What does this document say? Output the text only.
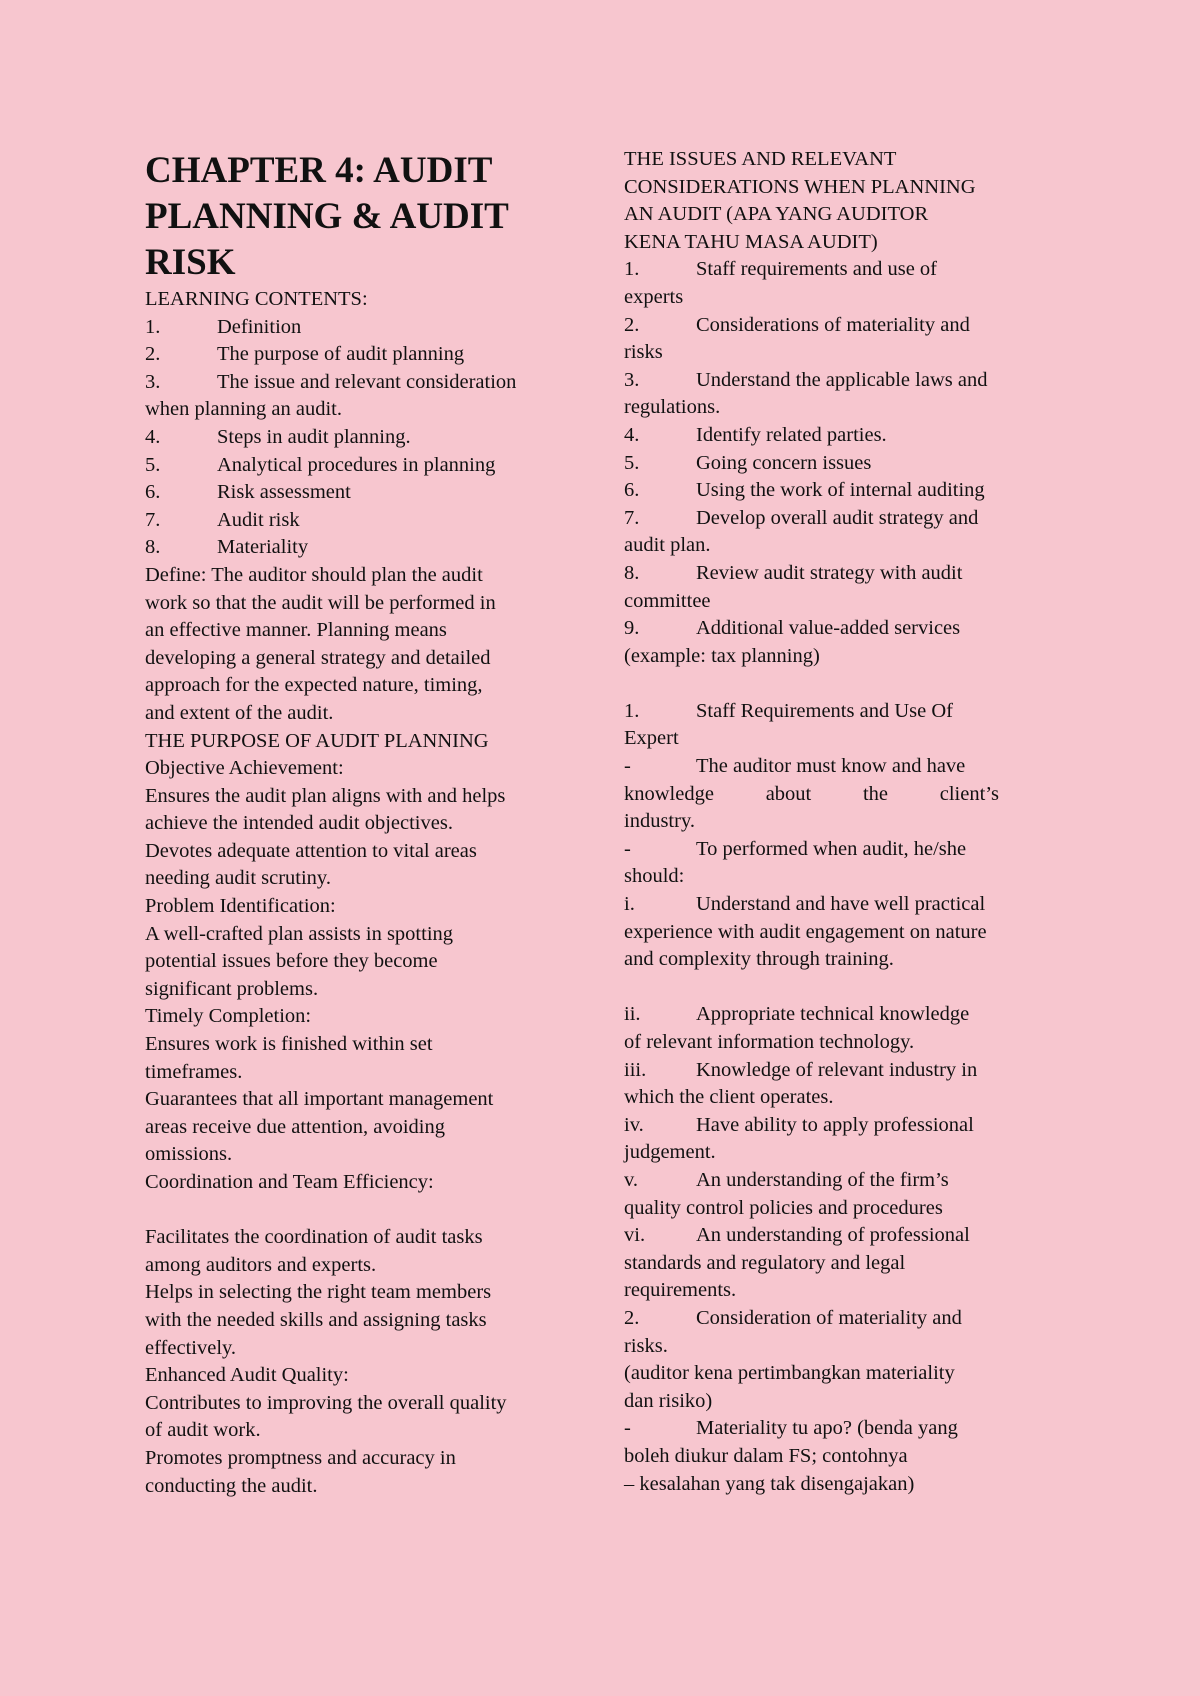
CHAPTER 4: AUDIT PLANNING & AUDIT RISK
LEARNING CONTENTS:
1.	Definition
2.	The purpose of audit planning
3.	The issue and relevant consideration
when planning an audit.
4.	Steps in audit planning.
5.	Analytical procedures in planning
6.	Risk assessment
7.	Audit risk
8.	Materiality
Define: The auditor should plan the audit
work so that the audit will be performed in
an effective manner. Planning means
developing a general strategy and detailed
approach for the expected nature, timing,
and extent of the audit.
THE PURPOSE OF AUDIT PLANNING
Objective Achievement:
Ensures the audit plan aligns with and helps
achieve the intended audit objectives.
Devotes adequate attention to vital areas
needing audit scrutiny.
Problem Identification:
A well-crafted plan assists in spotting
potential issues before they become
significant problems.
Timely Completion:
Ensures work is finished within set
timeframes.
Guarantees that all important management
areas receive due attention, avoiding
omissions.
Coordination and Team Efficiency:
Facilitates the coordination of audit tasks
among auditors and experts.
Helps in selecting the right team members
with the needed skills and assigning tasks
effectively.
Enhanced Audit Quality:
Contributes to improving the overall quality
of audit work.
Promotes promptness and accuracy in
conducting the audit.
THE ISSUES AND RELEVANT
CONSIDERATIONS WHEN PLANNING
AN AUDIT (APA YANG AUDITOR
KENA TAHU MASA AUDIT)
1.	Staff requirements and use of
experts
2.	Considerations of materiality and
risks
3.	Understand the applicable laws and
regulations.
4.	Identify related parties.
5.	Going concern issues
6.	Using the work of internal auditing
7.	Develop overall audit strategy and
audit plan.
8.	Review audit strategy with audit
committee
9.	Additional value-added services
(example: tax planning)
1.	Staff Requirements and Use Of
Expert
-	The auditor must know and have
knowledge	about	the	client’s
industry.
-	To performed when audit, he/she
should:
i.	Understand and have well practical
experience with audit engagement on nature
and complexity through training.
ii.	Appropriate technical knowledge
of relevant information technology.
iii. Knowledge of relevant industry in
which the client operates.
iv.	Have ability to apply professional
judgement.
v.	An understanding of the firm’s
quality control policies and procedures
vi. An understanding of professional
standards and regulatory and legal
requirements.
2.	Consideration of materiality and
risks.
(auditor kena pertimbangkan materiality
dan risiko)
-	Materiality tu apo? (benda yang
boleh diukur dalam FS; contohnya
– kesalahan yang tak disengajakan)
